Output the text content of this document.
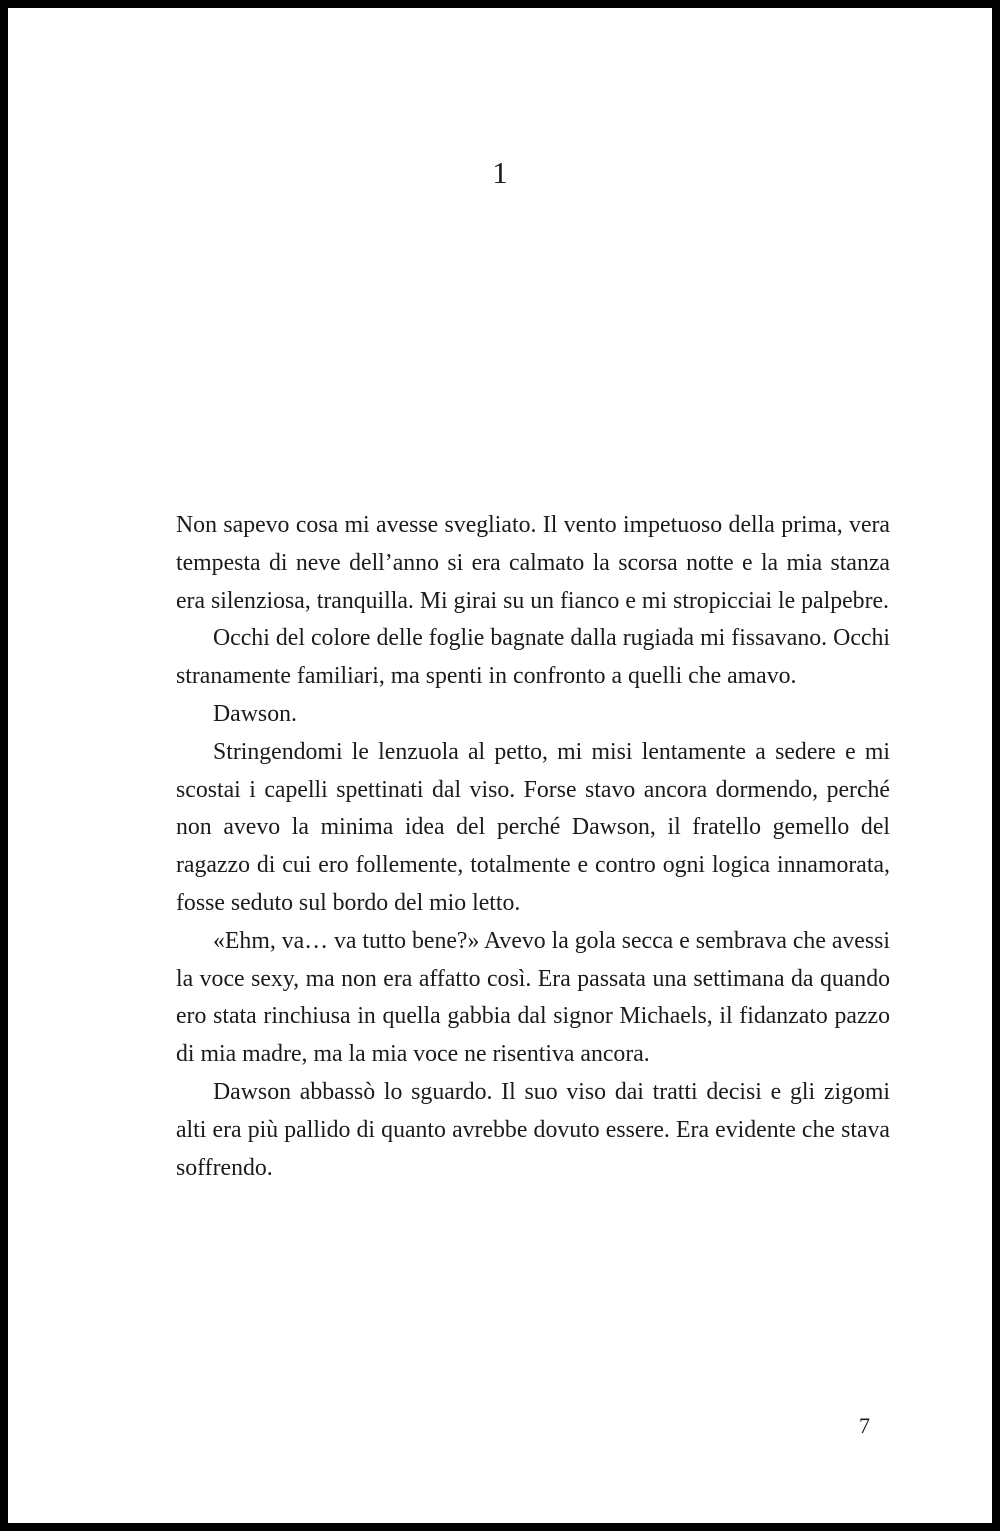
1

Non sapevo cosa mi avesse svegliato. Il vento impetuoso della prima, vera tempesta di neve dell’anno si era calmato la scorsa notte e la mia stanza era silenziosa, tranquilla. Mi girai su un fianco e mi stropicciai le palpebre.

Occhi del colore delle foglie bagnate dalla rugiada mi fissavano. Occhi stranamente familiari, ma spenti in confronto a quelli che amavo.

Dawson.

Stringendomi le lenzuola al petto, mi misi lentamente a sedere e mi scostai i capelli spettinati dal viso. Forse stavo ancora dormendo, perché non avevo la minima idea del perché Dawson, il fratello gemello del ragazzo di cui ero follemente, totalmente e contro ogni logica innamorata, fosse seduto sul bordo del mio letto.

«Ehm, va… va tutto bene?» Avevo la gola secca e sembrava che avessi la voce sexy, ma non era affatto così. Era passata una settimana da quando ero stata rinchiusa in quella gabbia dal signor Michaels, il fidanzato pazzo di mia madre, ma la mia voce ne risentiva ancora.

Dawson abbassò lo sguardo. Il suo viso dai tratti decisi e gli zigomi alti era più pallido di quanto avrebbe dovuto essere. Era evidente che stava soffrendo.

7
